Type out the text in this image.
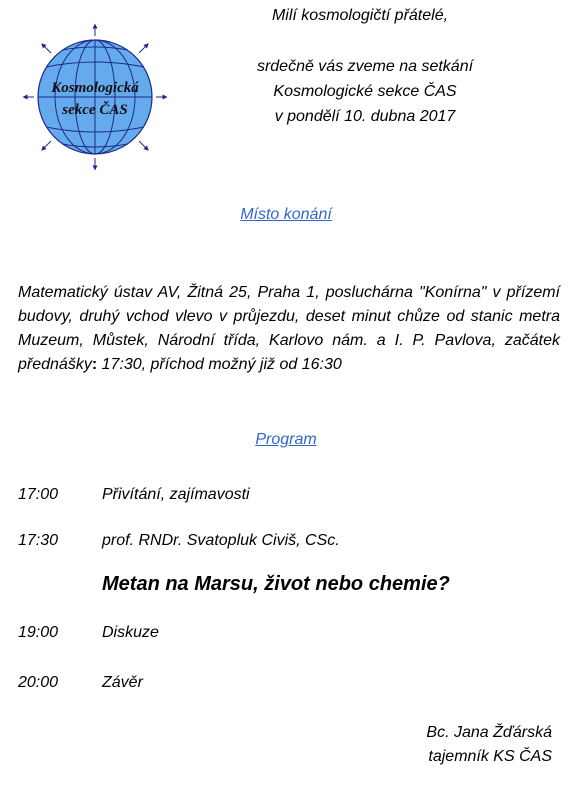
Kosmologická
sekce ČAS
Milí kosmologičtí přátelé,
srdečně vás zveme na setkání
Kosmologické sekce ČAS
v pondělí 10. dubna 2017
Místo konání
Matematický ústav AV, Žitná 25, Praha 1, posluchárna "Konírna" v přízemí budovy, druhý vchod vlevo v průjezdu, deset minut chůze od stanic metra Muzeum, Můstek, Národní třída, Karlovo nám. a I. P. Pavlova, začátek přednášky: 17:30, příchod možný již od 16:30
Program
17:00	Přivítání, zajímavosti
17:30	prof. RNDr. Svatopluk Civiš, CSc.
Metan na Marsu, život nebo chemie?
19:00	Diskuze
20:00	Závěr
Bc. Jana Žďárská
tajemník KS ČAS
